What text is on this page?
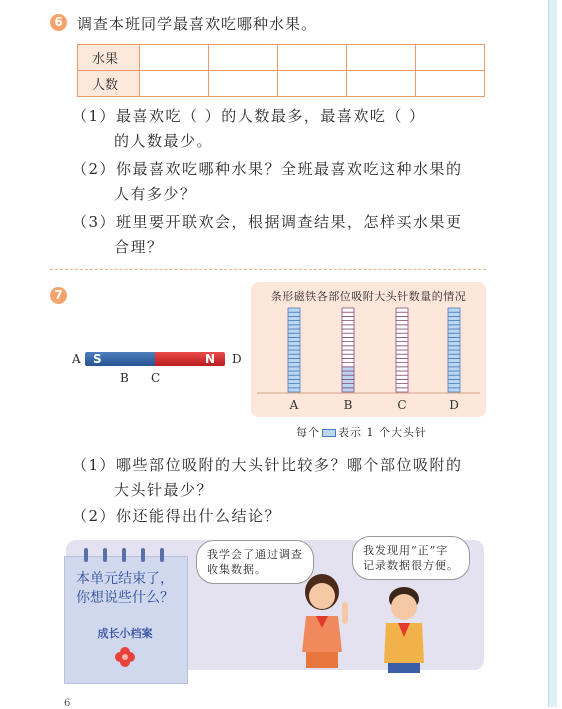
6 调查本班同学最喜欢吃哪种水果。
水果					
人数					
（1）最喜欢吃（ ）的人数最多，最喜欢吃（ ）
的人数最少。
（2）你最喜欢吃哪种水果？全班最喜欢吃这种水果的
人有多少？
（3）班里要开联欢会，根据调查结果，怎样买水果更
合理？
7
A S	N D
B C
条形磁铁各部位吸附大头针数量的情况
A	B	C	D
每个 表示 1 个大头针
（1）哪些部位吸附的大头针比较多？哪个部位吸附的
大头针最少？
（2）你还能得出什么结论？
本单元结束了，
你想说些什么？
成长小档案
我学会了通过调查
收集数据。
我发现用“正”字
记录数据很方便。
6
